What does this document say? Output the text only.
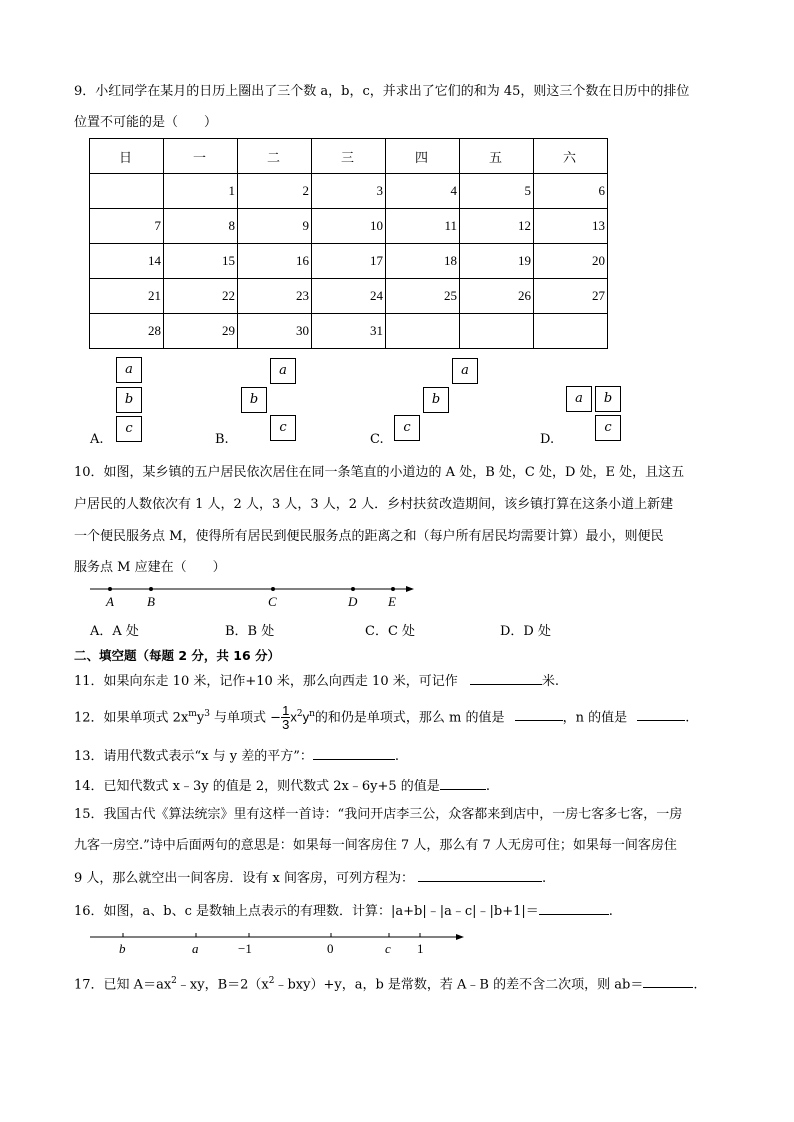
9．小红同学在某月的日历上圈出了三个数 a，b，c，并求出了它们的和为 45，则这三个数在日历中的排位
位置不可能的是（　　）
日	一	二	三	四	五	六
	1	2	3	4	5	6
7	8	9	10	11	12	13
14	15	16	17	18	19	20
21	22	23	24	25	26	27
28	29	30	31			
A.
a
b
c
B.
a
b
c
C.
a
b
c
D.
a	b
c
10．如图，某乡镇的五户居民依次居住在同一条笔直的小道边的 A 处，B 处，C 处，D 处，E 处，且这五
户居民的人数依次有 1 人，2 人，3 人，3 人，2 人．乡村扶贫改造期间，该乡镇打算在这条小道上新建
一个便民服务点 M，使得所有居民到便民服务点的距离之和（每户所有居民均需要计算）最小，则便民
服务点 M 应建在（　　）
A	B	C	D E
A．A 处	B．B 处	C．C 处	D．D 处
二、填空题（每题 2 分，共 16 分）
11．如果向东走 10 米，记作+10 米，那么向西走 10 米，可记作	米.
12．如果单项式 $2x^my^3$ 与单项式 − $\frac{1}{3} x^2y^n$的和仍是单项式，那么 m 的值是	，n 的值是	.
13．请用代数式表示“x 与 y 差的平方”：	.
14．已知代数式 x﹣3y 的值是 2，则代数式 2x﹣6y+5 的值是	.
15．我国古代《算法统宗》里有这样一首诗：“我问开店李三公，众客都来到店中，一房七客多七客，一房
九客一房空.”诗中后面两句的意思是：如果每一间客房住 7 人，那么有 7 人无房可住；如果每一间客房住
9 人，那么就空出一间客房．设有 x 间客房，可列方程为：	.
16．如图，a、b、c 是数轴上点表示的有理数．计算：|a+b|﹣|a﹣c|﹣|b+1|＝	.
b	a	−1	0	c 1
17．已知 $A=ax^2﹣xy$，$B=2(x^2﹣bxy)+y$，a，b 是常数，若 A﹣B 的差不含二次项，则 ab＝	.
